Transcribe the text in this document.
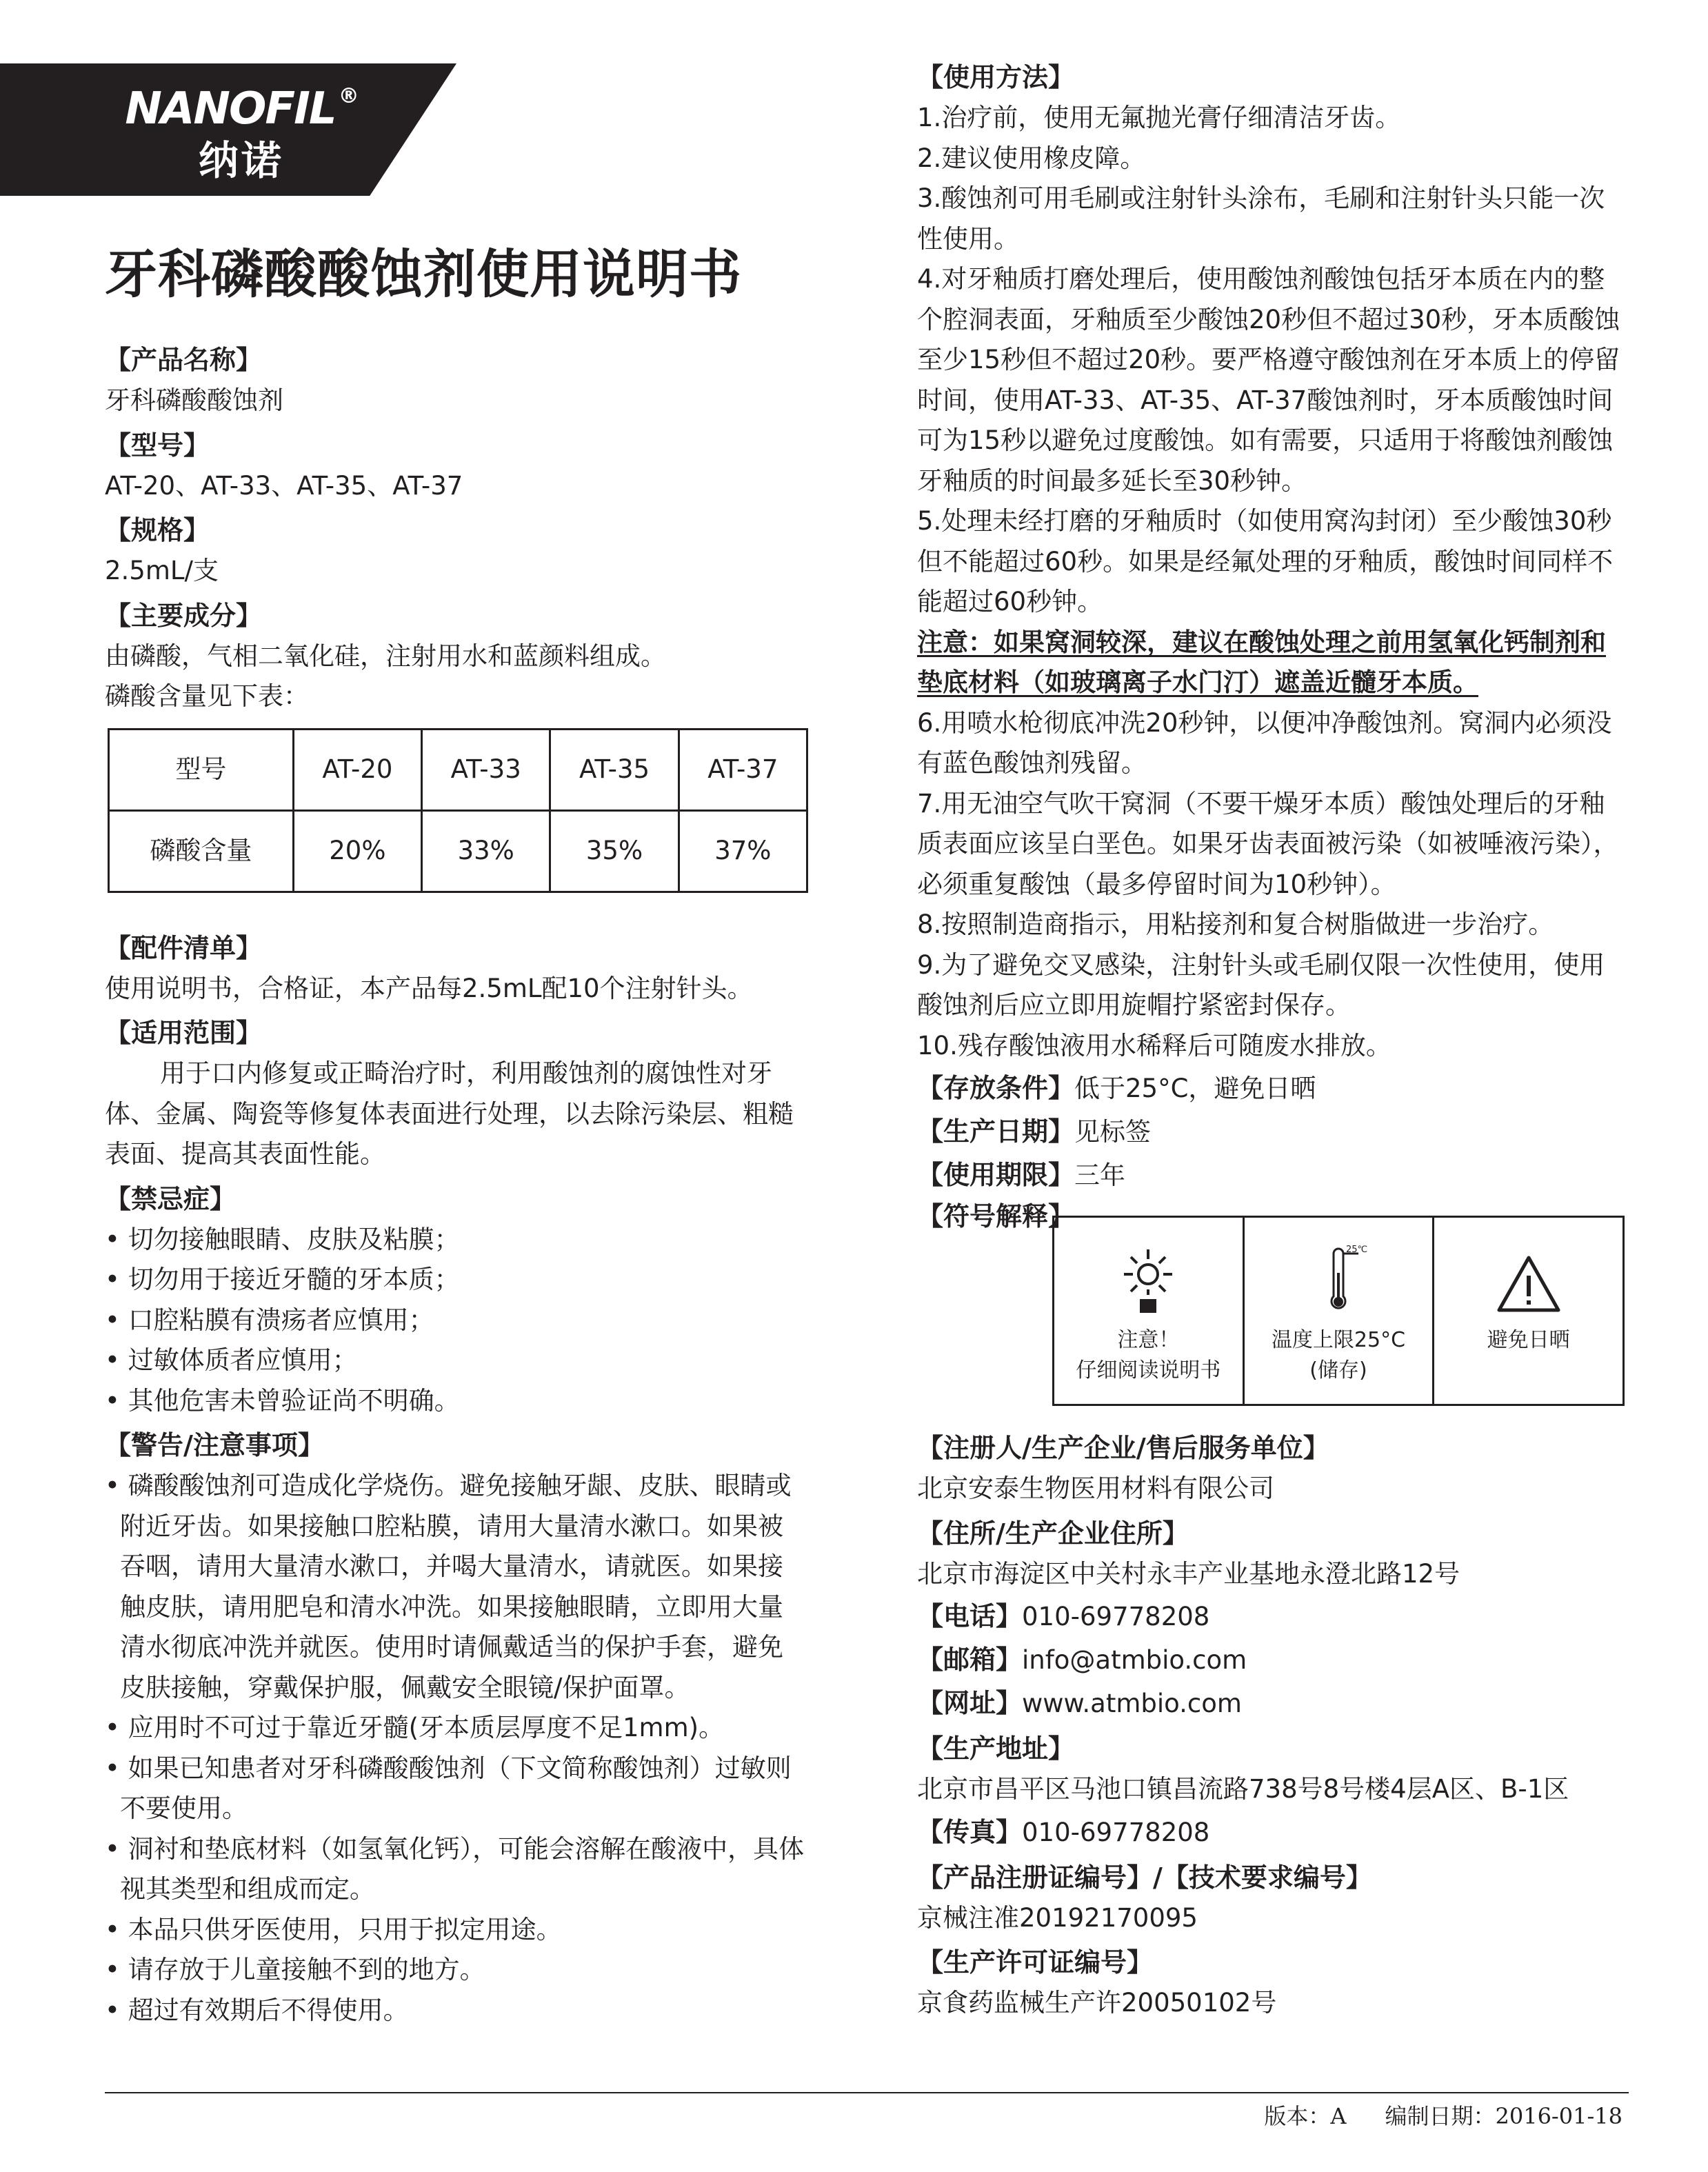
NANOFIL ®
纳诺
牙科磷酸酸蚀剂使用说明书
【产品名称】

牙科磷酸酸蚀剂

【型号】

AT-20、AT-33、AT-35、AT-37

【规格】

2.5mL/支

【主要成分】

由磷酸，气相二氧化硅，注射用水和蓝颜料组成。

磷酸含量见下表：

型号	AT-20	AT-33	AT-35	AT-37
磷酸含量	20%	33%	35%	37%
【配件清单】

使用说明书，合格证，本产品每2.5mL配10个注射针头。

【适用范围】

用于口内修复或正畸治疗时，利用酸蚀剂的腐蚀性对牙体、金属、陶瓷等修复体表面进行处理，以去除污染层、粗糙表面、提高其表面性能。

【禁忌症】

• 切勿接触眼睛、皮肤及粘膜；

• 切勿用于接近牙髓的牙本质；

• 口腔粘膜有溃疡者应慎用；

• 过敏体质者应慎用；

• 其他危害未曾验证尚不明确。

【警告/注意事项】

• 磷酸酸蚀剂可造成化学烧伤。避免接触牙龈、皮肤、眼睛或附近牙齿。如果接触口腔粘膜，请用大量清水漱口。如果被吞咽，请用大量清水漱口，并喝大量清水，请就医。如果接触皮肤，请用肥皂和清水冲洗。如果接触眼睛，立即用大量清水彻底冲洗并就医。使用时请佩戴适当的保护手套，避免皮肤接触，穿戴保护服，佩戴安全眼镜/保护面罩。

• 应用时不可过于靠近牙髓(牙本质层厚度不足1mm)。

• 如果已知患者对牙科磷酸酸蚀剂（下文简称酸蚀剂）过敏则不要使用。

• 洞衬和垫底材料（如氢氧化钙），可能会溶解在酸液中，具体视其类型和组成而定。

• 本品只供牙医使用，只用于拟定用途。

• 请存放于儿童接触不到的地方。

• 超过有效期后不得使用。

【使用方法】

1.治疗前，使用无氟抛光膏仔细清洁牙齿。

2.建议使用橡皮障。

3.酸蚀剂可用毛刷或注射针头涂布，毛刷和注射针头只能一次性使用。

4.对牙釉质打磨处理后，使用酸蚀剂酸蚀包括牙本质在内的整个腔洞表面，牙釉质至少酸蚀20秒但不超过30秒，牙本质酸蚀至少15秒但不超过20秒。要严格遵守酸蚀剂在牙本质上的停留时间，使用AT-33、AT-35、AT-37酸蚀剂时，牙本质酸蚀时间可为15秒以避免过度酸蚀。如有需要，只适用于将酸蚀剂酸蚀牙釉质的时间最多延长至30秒钟。

5.处理未经打磨的牙釉质时（如使用窝沟封闭）至少酸蚀30秒但不能超过60秒。如果是经氟处理的牙釉质，酸蚀时间同样不能超过60秒钟。

注意：如果窝洞较深，建议在酸蚀处理之前用氢氧化钙制剂和垫底材料（如玻璃离子水门汀）遮盖近髓牙本质。

6.用喷水枪彻底冲洗20秒钟，以便冲净酸蚀剂。窝洞内必须没有蓝色酸蚀剂残留。

7.用无油空气吹干窝洞（不要干燥牙本质）酸蚀处理后的牙釉质表面应该呈白垩色。如果牙齿表面被污染（如被唾液污染），必须重复酸蚀（最多停留时间为10秒钟）。

8.按照制造商指示，用粘接剂和复合树脂做进一步治疗。

9.为了避免交叉感染，注射针头或毛刷仅限一次性使用，使用酸蚀剂后应立即用旋帽拧紧密封保存。

10.残存酸蚀液用水稀释后可随废水排放。

【存放条件】低于25°C，避免日晒
【生产日期】见标签
【使用期限】三年
【符号解释】
注意！
仔细阅读说明书
25℃
温度上限25°C
(储存)
避免日晒
【注册人/生产企业/售后服务单位】

北京安泰生物医用材料有限公司

【住所/生产企业住所】

北京市海淀区中关村永丰产业基地永澄北路12号

【电话】010-69778208
【邮箱】info@atmbio.com
【网址】www.atmbio.com
【生产地址】

北京市昌平区马池口镇昌流路738号8号楼4层A区、B-1区

【传真】010-69778208
【产品注册证编号】/【技术要求编号】

京械注准20192170095

【生产许可证编号】

京食药监械生产许20050102号

版本：A 编制日期：2016-01-18
